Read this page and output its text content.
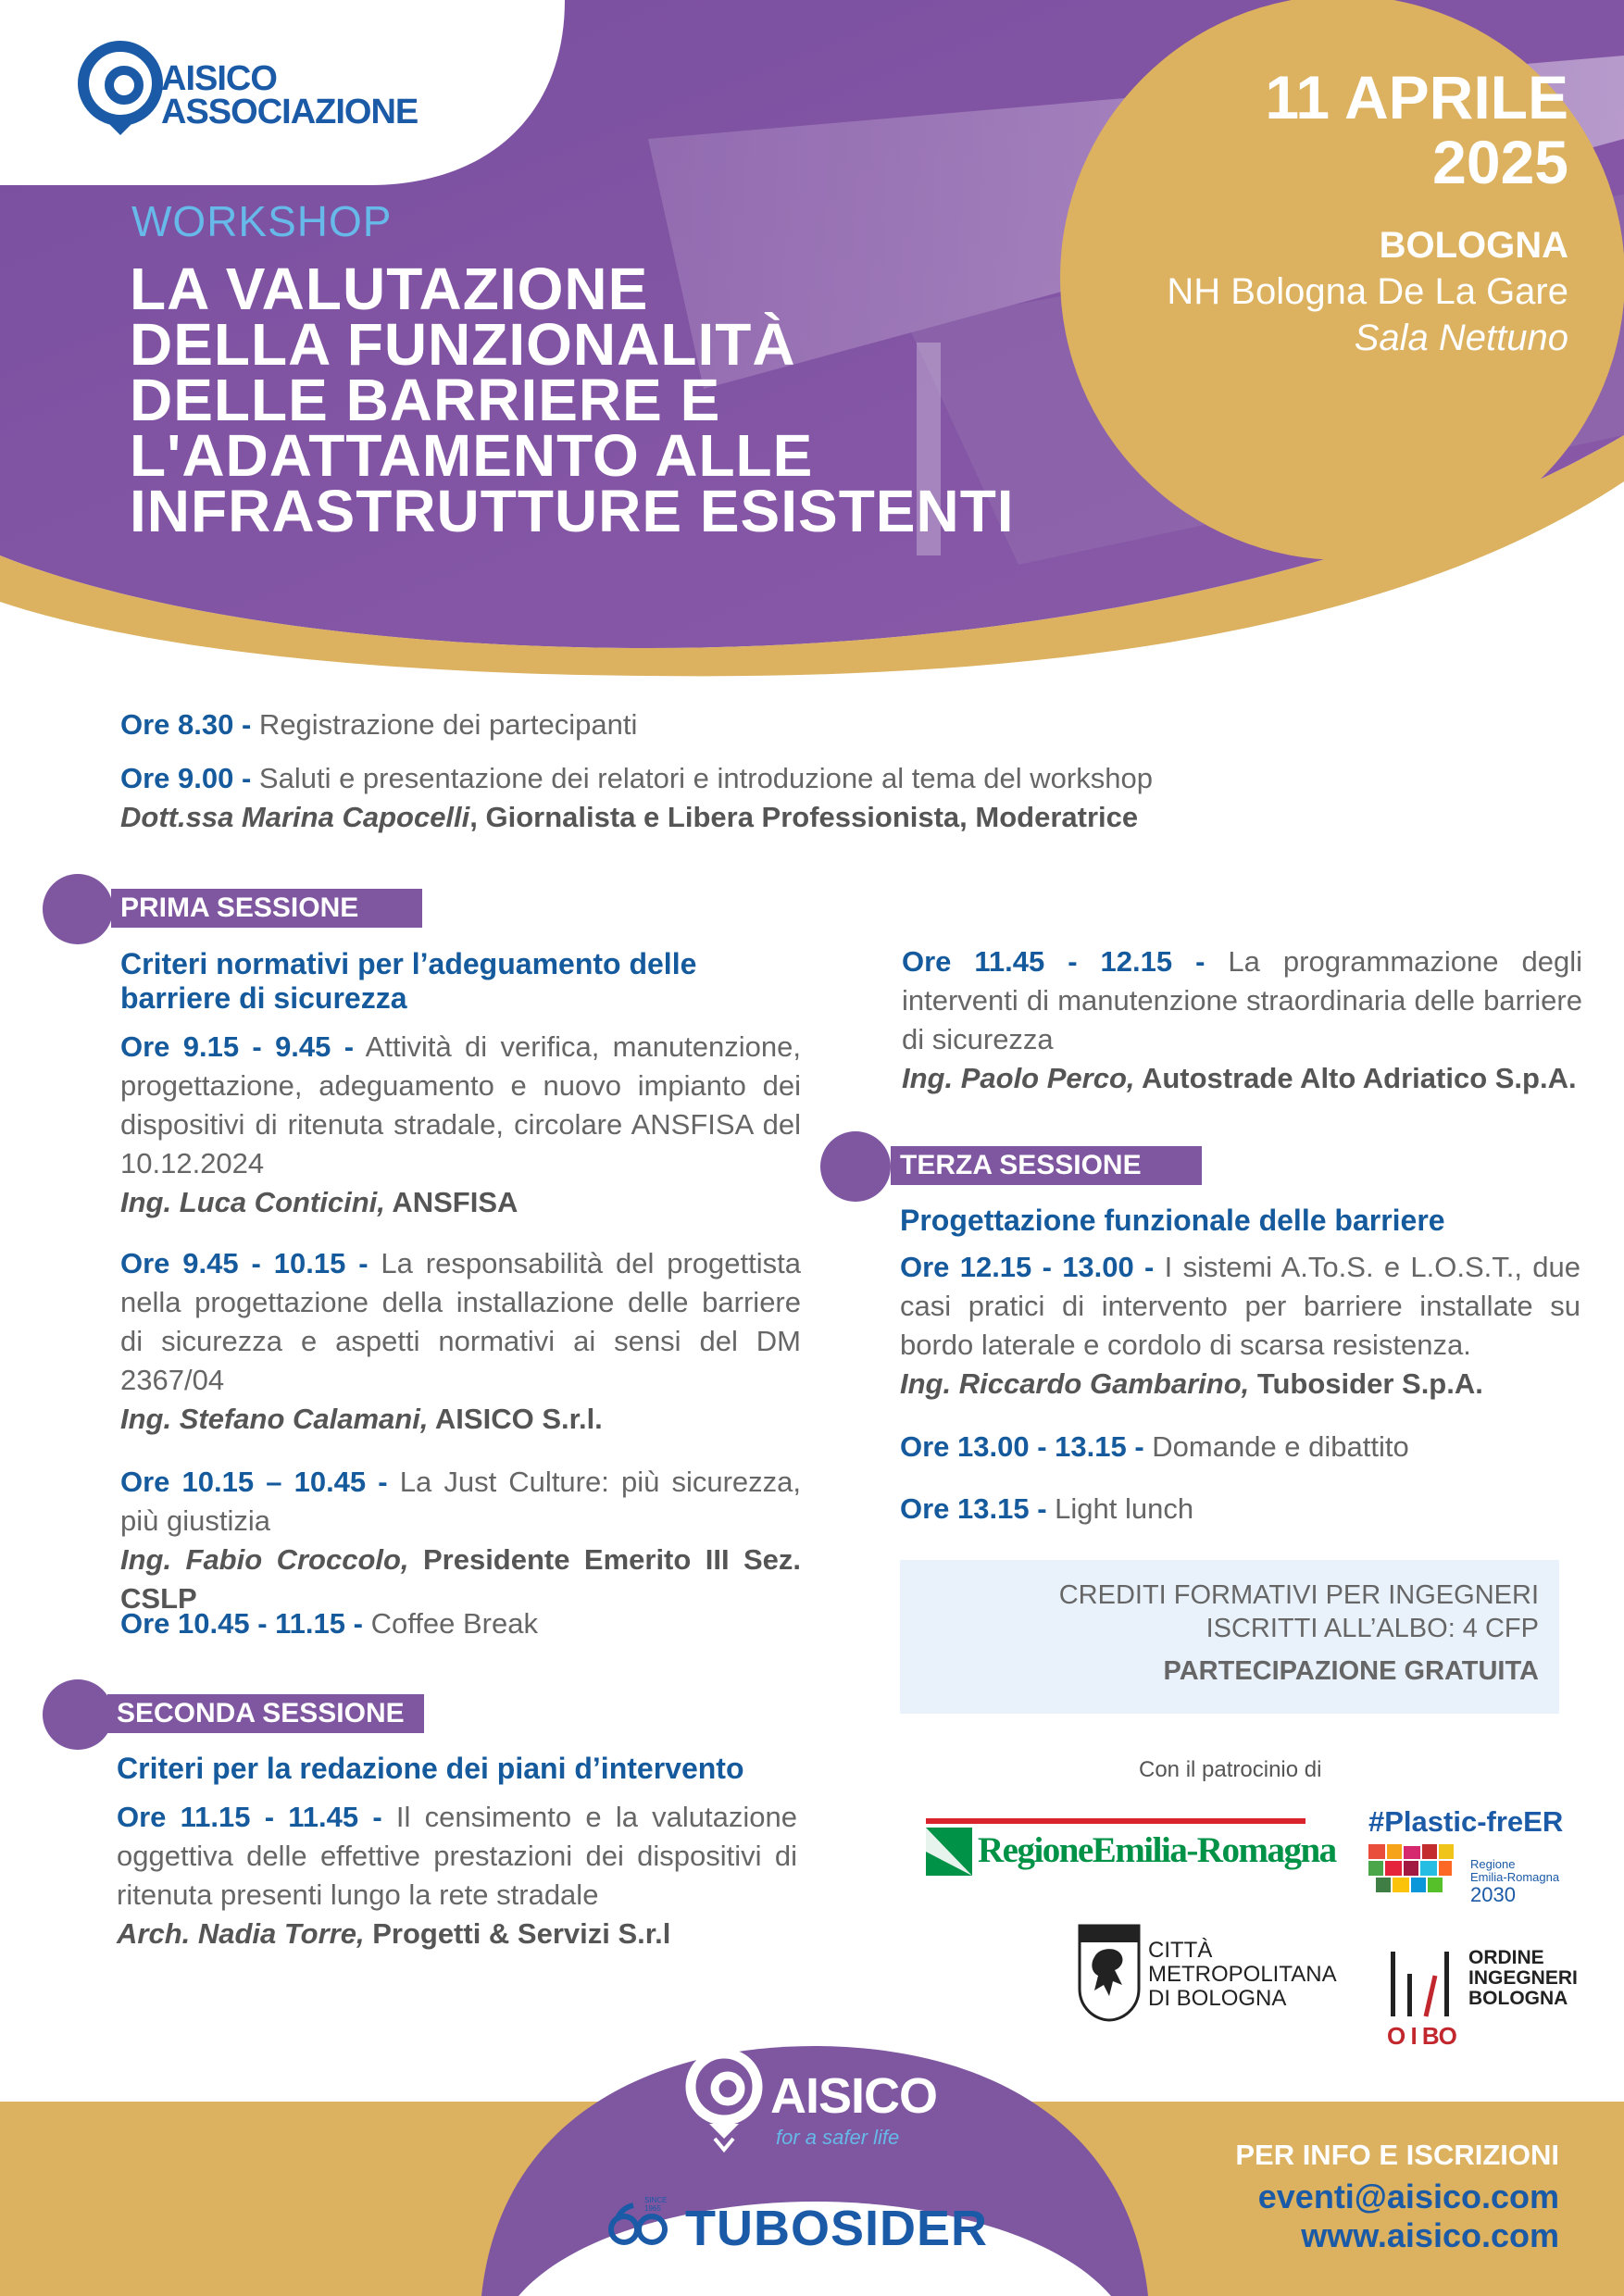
AISICO
ASSOCIAZIONE
WORKSHOP
LA VALUTAZIONE
DELLA FUNZIONALITÀ
DELLE BARRIERE E
L'ADATTAMENTO ALLE
INFRASTRUTTURE ESISTENTI
11 APRILE
2025
BOLOGNA
NH Bologna De La Gare
Sala Nettuno
Ore 8.30 - Registrazione dei partecipanti
Ore 9.00 - Saluti e presentazione dei relatori e introduzione al tema del workshop
Dott.ssa Marina Capocelli, Giornalista e Libera Professionista, Moderatrice
PRIMA SESSIONE
Criteri normativi per l’adeguamento delle barriere di sicurezza
Ore 9.15 - 9.45 - Attività di verifica, manutenzione, progettazione, adeguamento e nuovo impianto dei dispositivi di ritenuta stradale, circolare ANSFISA del 10.12.2024
Ing. Luca Conticini, ANSFISA
Ore 9.45 - 10.15 - La responsabilità del progettista nella progettazione della installazione delle barriere di sicurezza e aspetti normativi ai sensi del DM 2367/04
Ing. Stefano Calamani, AISICO S.r.l.
Ore 10.15 – 10.45 - La Just Culture: più sicurezza, più giustizia
Ing. Fabio Croccolo, Presidente Emerito III Sez. CSLP
Ore 10.45 - 11.15 - Coffee Break
SECONDA SESSIONE
Criteri per la redazione dei piani d’intervento
Ore 11.15 - 11.45 - Il censimento e la valutazione oggettiva delle effettive prestazioni dei dispositivi di ritenuta presenti lungo la rete stradale
Arch. Nadia Torre, Progetti & Servizi S.r.l
Ore 11.45 - 12.15 - La programmazione degli interventi di manutenzione straordinaria delle barriere di sicurezza
Ing. Paolo Perco, Autostrade Alto Adriatico S.p.A.
TERZA SESSIONE
Progettazione funzionale delle barriere
Ore 12.15 - 13.00 - I sistemi A.To.S. e L.O.S.T., due casi pratici di intervento per barriere installate su bordo laterale e cordolo di scarsa resistenza.
Ing. Riccardo Gambarino, Tubosider S.p.A.
Ore 13.00 - 13.15 - Domande e dibattito
Ore 13.15 - Light lunch
CREDITI FORMATIVI PER INGEGNERI
ISCRITTI ALL’ALBO: 4 CFP
PARTECIPAZIONE GRATUITA
Con il patrocinio di
RegioneEmilia-Romagna
#Plastic-freER
Regione
Emilia-Romagna
2030
CITTÀ
METROPOLITANA
DI BOLOGNA
O I BO
ORDINE
INGEGNERI
BOLOGNA
Con il contributo
incondizionato di
AISICO
for a safer life
SINCE 1965 TUBOSIDER
PER INFO E ISCRIZIONI
eventi@aisico.com
www.aisico.com
